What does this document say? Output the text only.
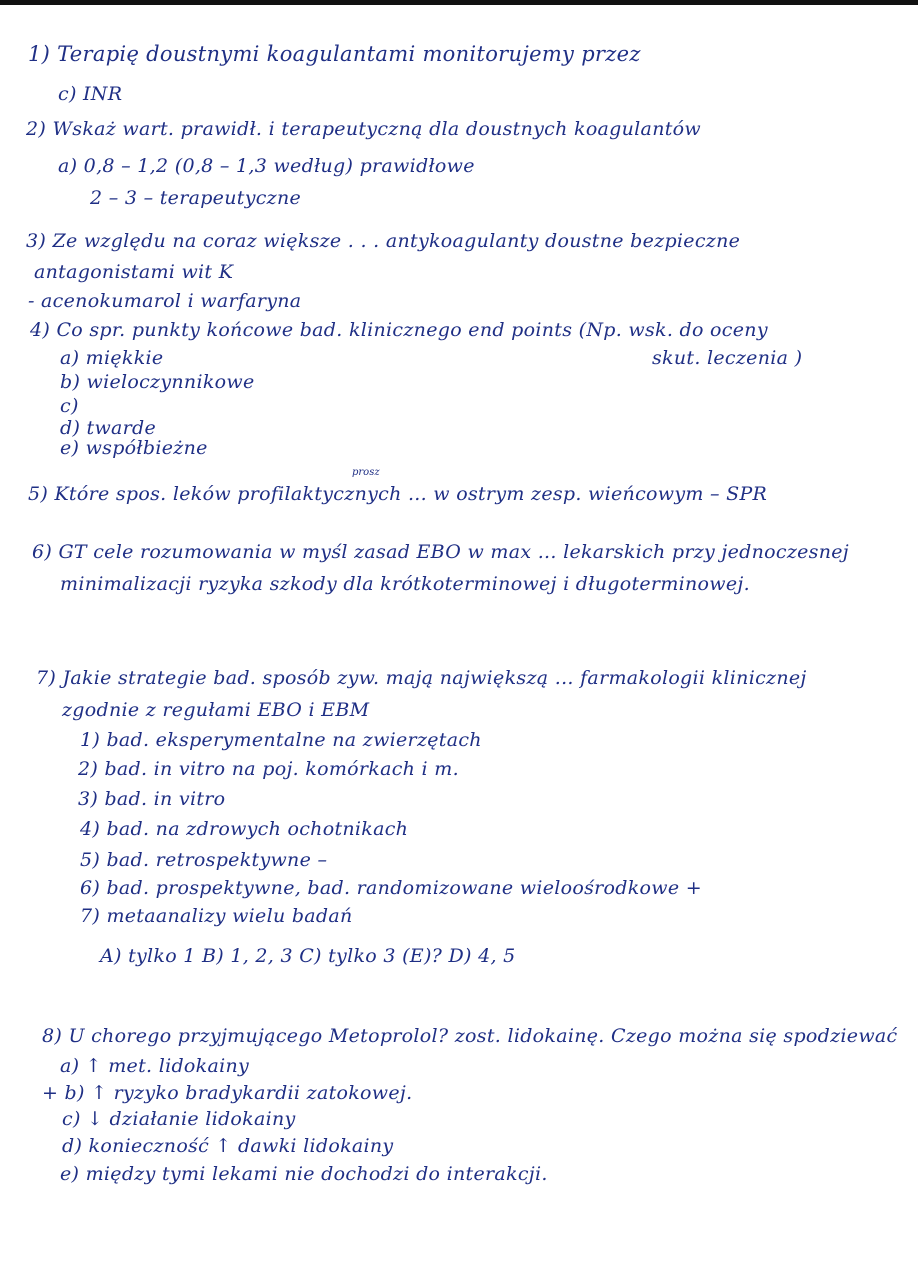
1) Terapię doustnymi koagulantami monitorujemy przez
c) INR
2) Wskaż wart. prawidł. i terapeutyczną dla doustnych koagulantów
a) 0,8 – 1,2 (0,8 – 1,3 według) prawidłowe
2 – 3 – terapeutyczne
3) Ze względu na coraz większe . . . antykoagulanty doustne bezpieczne
antagonistami wit K
- acenokumarol i warfaryna
4) Co spr. punkty końcowe bad. klinicznego end points (Np. wsk. do oceny
skut. leczenia )
a) miękkie
b) wieloczynnikowe
c)
d) twarde
e) współbieżne
prosz
5) Które spos. leków profilaktycznych ... w ostrym zesp. wieńcowym – SPR
6) GT cele rozumowania w myśl zasad EBO w max ... lekarskich przy jednoczesnej
minimalizacji ryzyka szkody dla krótkoterminowej i długoterminowej.
7) Jakie strategie bad. sposób zyw. mają największą ... farmakologii klinicznej
zgodnie z regułami EBO i EBM
1) bad. eksperymentalne na zwierzętach
2) bad. in vitro na poj. komórkach i m.
3) bad. in vitro
4) bad. na zdrowych ochotnikach
5) bad. retrospektywne –
6) bad. prospektywne, bad. randomizowane wieloośrodkowe +
7) metaanalizy wielu badań
A) tylko 1 B) 1, 2, 3 C) tylko 3 (E)? D) 4, 5
8) U chorego przyjmującego Metoprolol? zost. lidokainę. Czego można się spodziewać
a) ↑ met. lidokainy
+ b) ↑ ryzyko bradykardii zatokowej.
c) ↓ działanie lidokainy
d) konieczność ↑ dawki lidokainy
e) między tymi lekami nie dochodzi do interakcji.
